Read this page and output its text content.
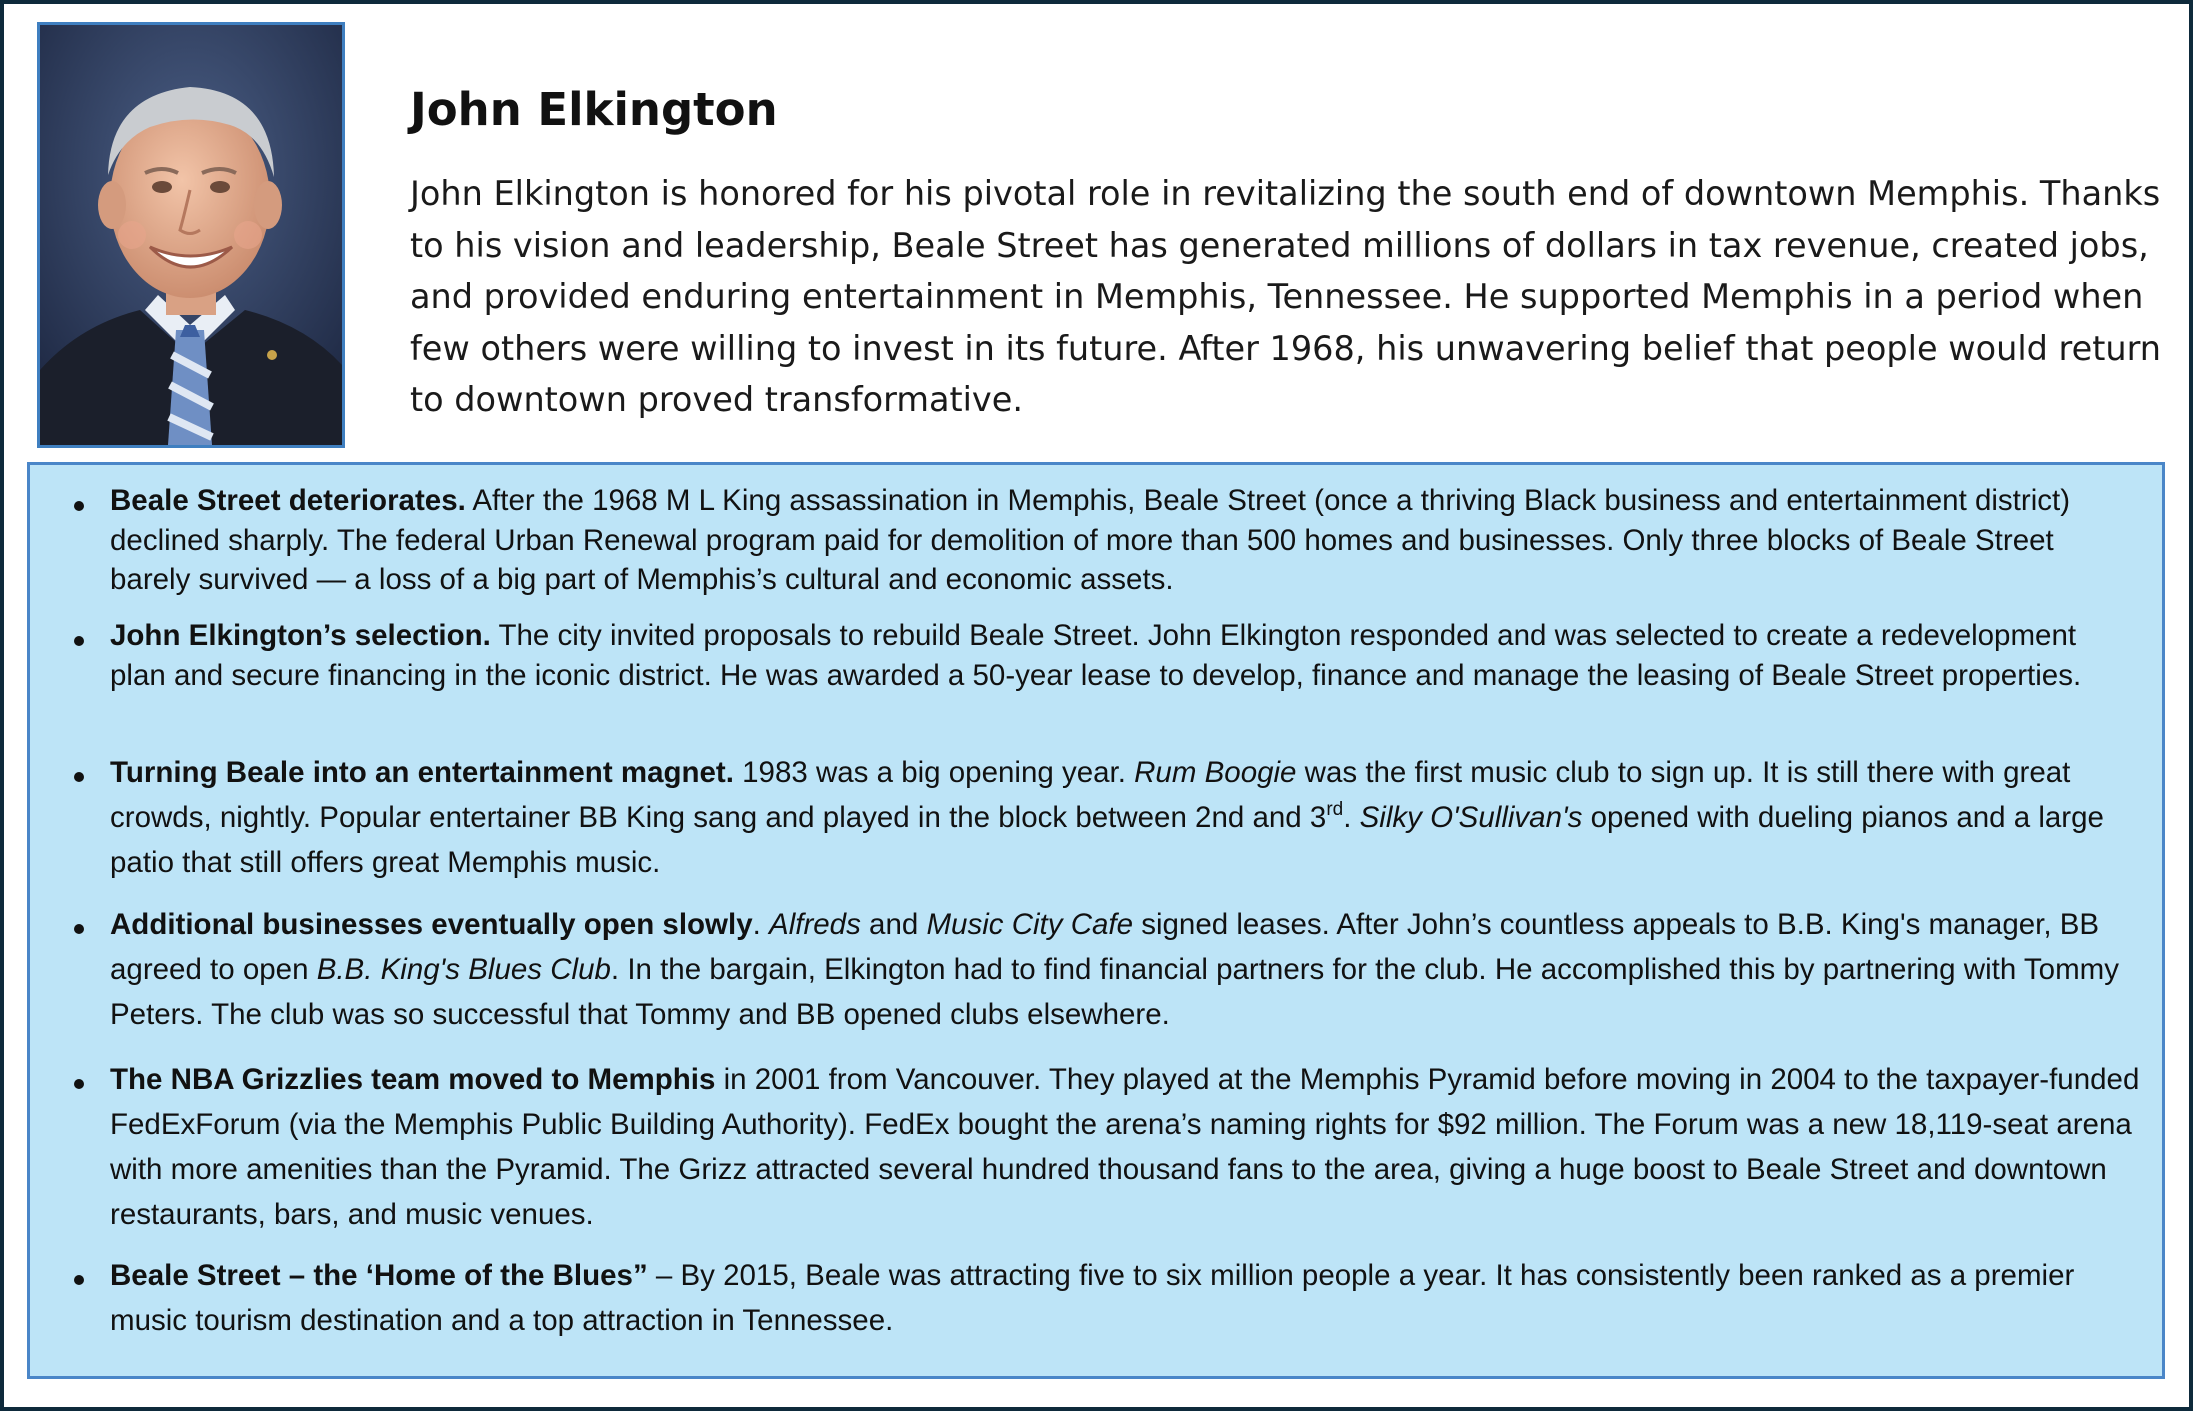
John Elkington

John Elkington is honored for his pivotal role in revitalizing the south end of downtown Memphis. Thanks to his vision and leadership, Beale Street has generated millions of dollars in tax revenue, created jobs, and provided enduring entertainment in Memphis, Tennessee. He supported Memphis in a period when few others were willing to invest in its future. After 1968, his unwavering belief that people would return to downtown proved transformative.

Beale Street deteriorates. After the 1968 M L King assassination in Memphis, Beale Street (once a thriving Black business and entertainment district) declined sharply. The federal Urban Renewal program paid for demolition of more than 500 homes and businesses. Only three blocks of Beale Street barely survived — a loss of a big part of Memphis’s cultural and economic assets.

John Elkington’s selection. The city invited proposals to rebuild Beale Street. John Elkington responded and was selected to create a redevelopment plan and secure financing in the iconic district. He was awarded a 50-year lease to develop, finance and manage the leasing of Beale Street properties.

Turning Beale into an entertainment magnet. 1983 was a big opening year. Rum Boogie was the first music club to sign up. It is still there with great crowds, nightly. Popular entertainer BB King sang and played in the block between 2nd and 3rd. Silky O'Sullivan's opened with dueling pianos and a large patio that still offers great Memphis music.

Additional businesses eventually open slowly. Alfreds and Music City Cafe signed leases. After John’s countless appeals to B.B. King's manager, BB agreed to open B.B. King's Blues Club. In the bargain, Elkington had to find financial partners for the club. He accomplished this by partnering with Tommy Peters. The club was so successful that Tommy and BB opened clubs elsewhere.

The NBA Grizzlies team moved to Memphis in 2001 from Vancouver. They played at the Memphis Pyramid before moving in 2004 to the taxpayer-funded FedExForum (via the Memphis Public Building Authority). FedEx bought the arena’s naming rights for $92 million. The Forum was a new 18,119-seat arena with more amenities than the Pyramid. The Grizz attracted several hundred thousand fans to the area, giving a huge boost to Beale Street and downtown restaurants, bars, and music venues.

Beale Street – the ‘Home of the Blues” – By 2015, Beale was attracting five to six million people a year. It has consistently been ranked as a premier music tourism destination and a top attraction in Tennessee.
